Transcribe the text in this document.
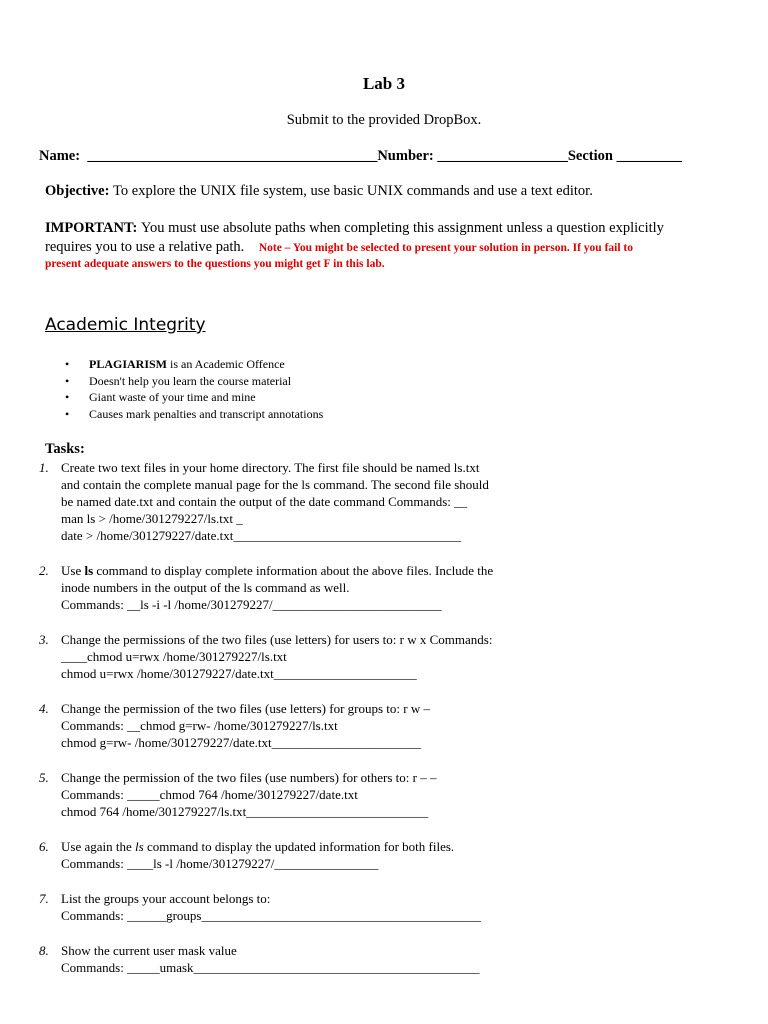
Lab 3
Submit to the provided DropBox.
Name: ________________________________________Number: __________________Section _________
Objective: To explore the UNIX file system, use basic UNIX commands and use a text editor.
IMPORTANT: You must use absolute paths when completing this assignment unless a question explicitly
requires you to use a relative path. Note – You might be selected to present your solution in person. If you fail to
present adequate answers to the questions you might get F in this lab.
Academic Integrity
•	PLAGIARISM is an Academic Offence
•	Doesn't help you learn the course material
•	Giant waste of your time and mine
•	Causes mark penalties and transcript annotations
Tasks:
1. Create two text files in your home directory. The first file should be named ls.txt
and contain the complete manual page for the ls command. The second file should
be named date.txt and contain the output of the date command Commands: __
man ls > /home/301279227/ls.txt _
date > /home/301279227/date.txt___________________________________
2. Use ls command to display complete information about the above files. Include the
inode numbers in the output of the ls command as well.
Commands: __ls -i -l /home/301279227/__________________________
3. Change the permissions of the two files (use letters) for users to: r w x Commands:
____chmod u=rwx /home/301279227/ls.txt
chmod u=rwx /home/301279227/date.txt______________________
4. Change the permission of the two files (use letters) for groups to: r w –
Commands: __chmod g=rw- /home/301279227/ls.txt
chmod g=rw- /home/301279227/date.txt_______________________
5. Change the permission of the two files (use numbers) for others to: r – –
Commands: _____chmod 764 /home/301279227/date.txt
chmod 764 /home/301279227/ls.txt____________________________
6. Use again the ls command to display the updated information for both files.
Commands: ____ls -l /home/301279227/________________
7. List the groups your account belongs to:
Commands: ______groups___________________________________________
8. Show the current user mask value
Commands: _____umask____________________________________________
